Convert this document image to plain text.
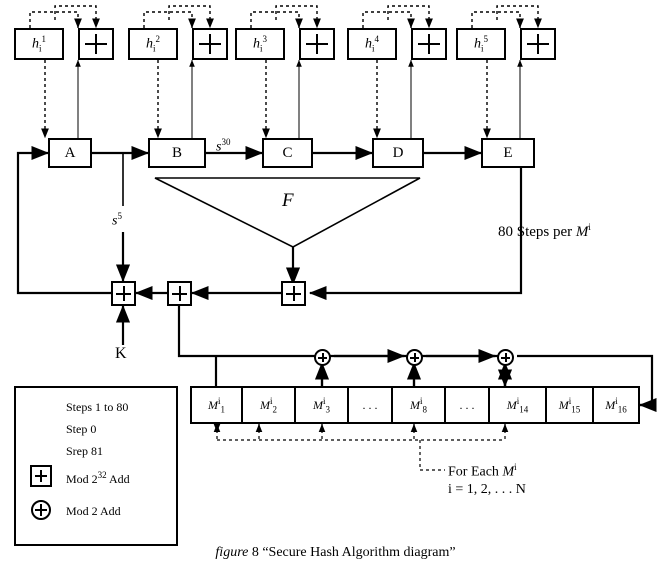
$h_i^1$	$h_i^2$	$h_i^3$	$h_i^4$	$h_i^5$
A	B	C	D	E
$s^{30}$
$s^5$
F
80 Steps per $M^i$
K
$M^i_1$	$M^i_2$	$M^i_3$	. . .	$M^i_8$	. . .	$M^i_{14}$	$M^i_{15}$ $M^i_{16}$
For Each $M^i$
i = 1, 2, . . . N
Steps 1 to 80
Step 0
Srep 81
Mod $2^{32}$ Add
Mod 2 Add
figure 8 “Secure Hash Algorithm diagram”
